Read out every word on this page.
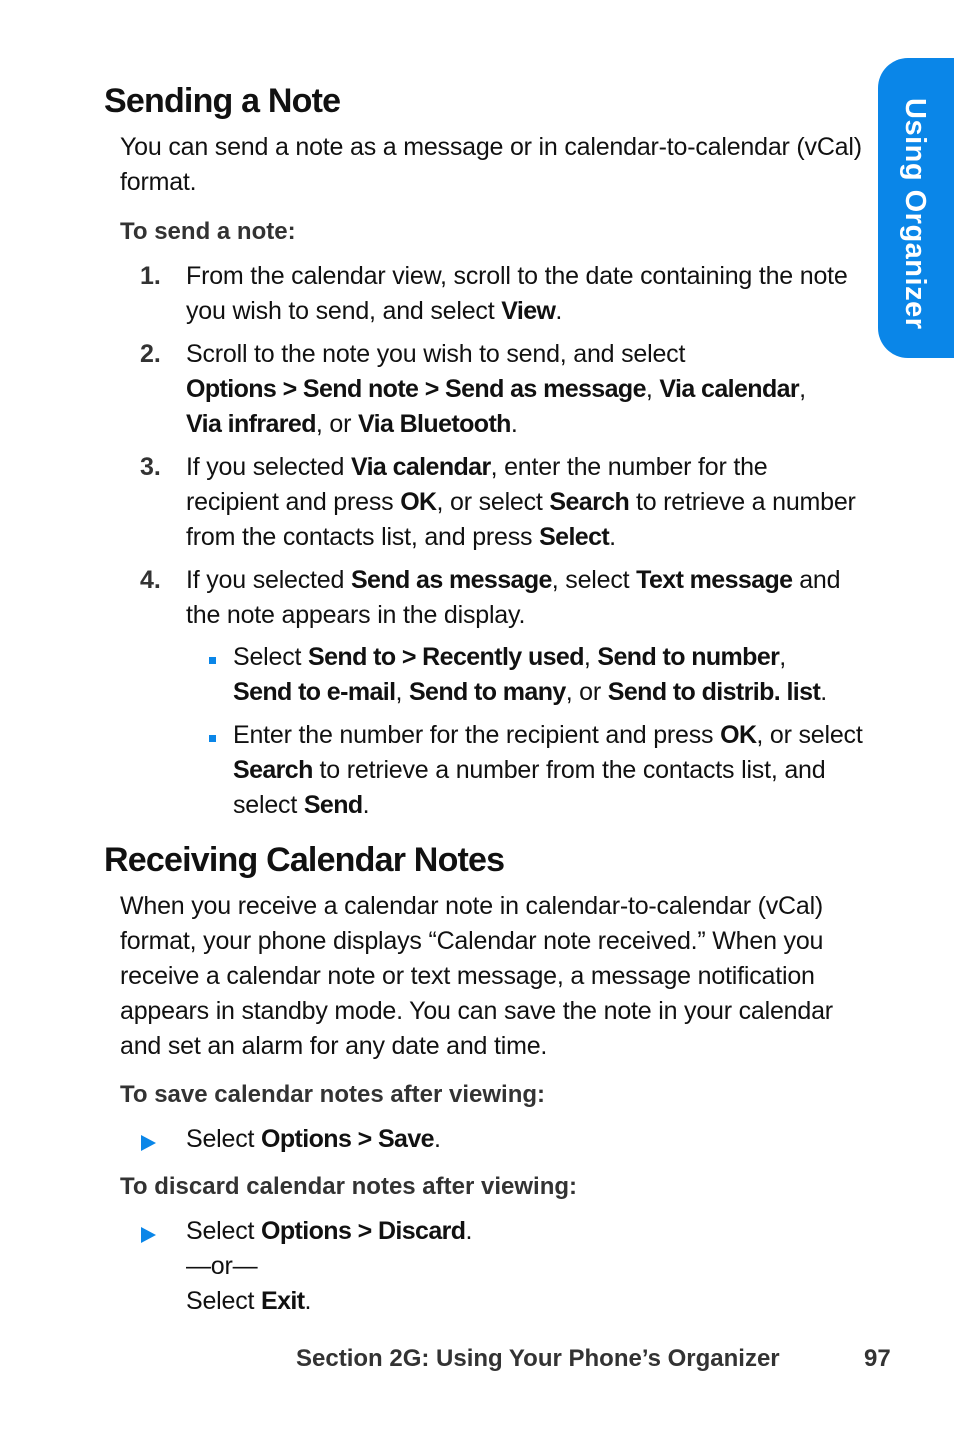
Using Organizer
Sending a Note

You can send a note as a message or in calendar-to-calendar (vCal) format.

To send a note:

1. From the calendar view, scroll to the date containing the note you wish to send, and select View.

2. Scroll to the note you wish to send, and select
Options > Send note > Send as message, Via calendar,
Via infrared, or Via Bluetooth.

3. If you selected Via calendar, enter the number for the recipient and press OK, or select Search to retrieve a number from the contacts list, and press Select.

4. If you selected Send as message, select Text message and the note appears in the display.

Select Send to > Recently used, Send to number,
Send to e-mail, Send to many, or Send to distrib. list.

Enter the number for the recipient and press OK, or select Search to retrieve a number from the contacts list, and select Send.

Receiving Calendar Notes

When you receive a calendar note in calendar-to-calendar (vCal) format, your phone displays “Calendar note received.” When you receive a calendar note or text message, a message notification appears in standby mode. You can save the note in your calendar and set an alarm for any date and time.

To save calendar notes after viewing:

Select Options > Save.

To discard calendar notes after viewing:

Select Options > Discard.
—or—
Select Exit.

Section 2G: Using Your Phone’s Organizer	97
